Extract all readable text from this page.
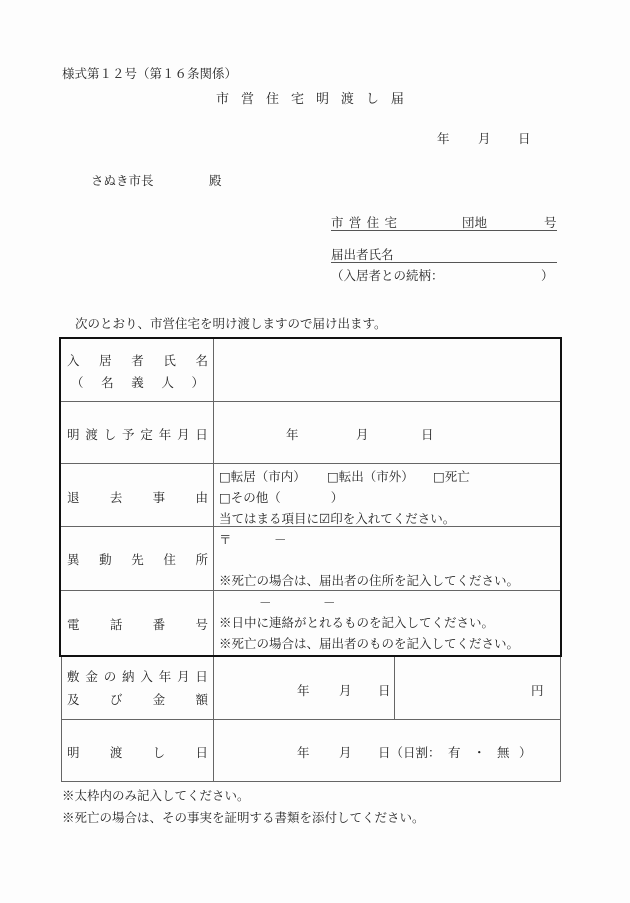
様式第１２号（第１６条関係）
市 営 住 宅 明 渡 し 届
年 月 日
さぬき市長	殿
市 営 住 宅	団地	号
届出者氏名
（入居者との続柄：	）
次のとおり、市営住宅を明け渡しますので届け出ます。
入 居 者 氏 名
（ 名 義 人 ）
明 渡 し 予 定 年 月 日	年	月	日
退 去 事 由
□転居（市内） □転出（市外） □死亡
□その他（　　　　）
当てはまる項目に☑印を入れてください。
異 動 先 住 所
〒	－
※死亡の場合は、届出者の住所を記入してください。
電 話 番 号
－	－
※日中に連絡がとれるものを記入してください。
※死亡の場合は、届出者のものを記入してください。
敷 金 の 納 入 年 月 日
及 び 金 額
年 月 日	円
明 渡 し 日	年 月 日（日割： 有 ・ 無 ）
※太枠内のみ記入してください。
※死亡の場合は、その事実を証明する書類を添付してください。
